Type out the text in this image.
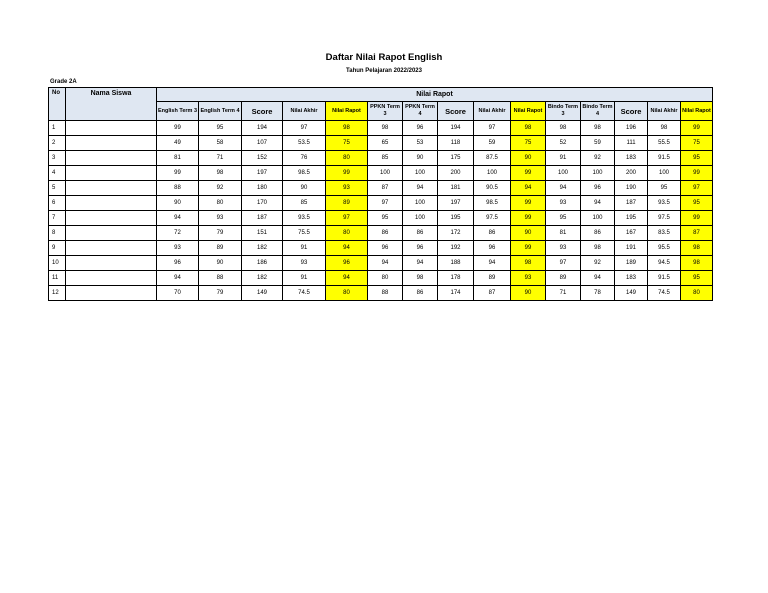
Daftar Nilai Rapot English
Tahun Pelajaran 2022/2023
Grade 2A
No	Nama Siswa	Nilai Rapot														
		English Term 3	English Term 4	Score	Nilai Akhir	Nilai Rapot	PPKN Term 3	PPKN Term 4	Score	Nilai Akhir	Nilai Rapot	Bindo Term 3	Bindo Term 4	Score	Nilai Akhir	Nilai Rapot
1		99	95	194	97	98	98	96	194	97	98	98	98	196	98	99
2		49	58	107	53.5	75	65	53	118	59	75	52	59	111	55.5	75
3		81	71	152	76	80	85	90	175	87.5	90	91	92	183	91.5	95
4		99	98	197	98.5	99	100	100	200	100	99	100	100	200	100	99
5		88	92	180	90	93	87	94	181	90.5	94	94	96	190	95	97
6		90	80	170	85	89	97	100	197	98.5	99	93	94	187	93.5	95
7		94	93	187	93.5	97	95	100	195	97.5	99	95	100	195	97.5	99
8		72	79	151	75.5	80	86	86	172	86	90	81	86	167	83.5	87
9		93	89	182	91	94	96	96	192	96	99	93	98	191	95.5	98
10		96	90	186	93	96	94	94	188	94	98	97	92	189	94.5	98
11		94	88	182	91	94	80	98	178	89	93	89	94	183	91.5	95
12		70	79	149	74.5	80	88	86	174	87	90	71	78	149	74.5	80
